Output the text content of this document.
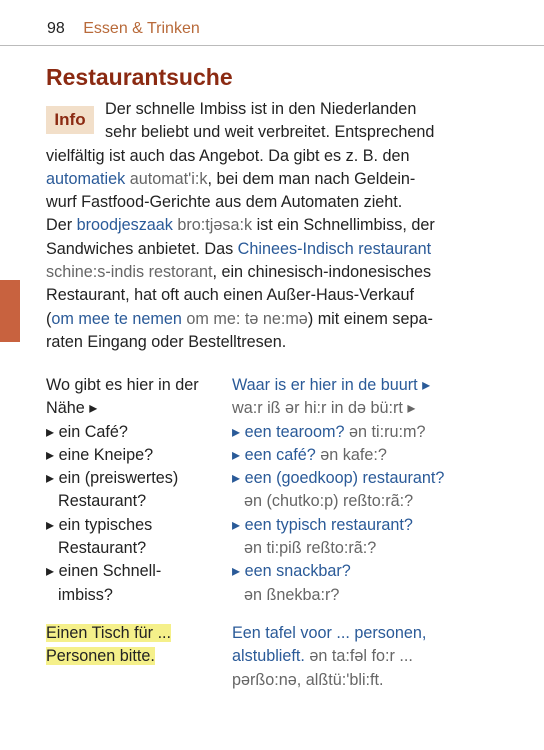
98 Essen & Trinken
Restaurantsuche
Info
Der schnelle Imbiss ist in den Niederlanden
sehr beliebt und weit verbreitet. Entsprechend
vielfältig ist auch das Angebot. Da gibt es z. B. den
automatiek automat'i:k, bei dem man nach Geldein-
wurf Fastfood-Gerichte aus dem Automaten zieht.
Der broodjeszaak bro:tjəsa:k ist ein Schnellimbiss, der
Sandwiches anbietet. Das Chinees-Indisch restaurant
schine:s-indis restorant, ein chinesisch-indonesisches
Restaurant, hat oft auch einen Außer-Haus-Verkauf
(om mee te nemen om me: tə ne:mə) mit einem sepa-
raten Eingang oder Bestelltresen.
Wo gibt es hier in der
Nähe ▸
▸ ein Café?
▸ eine Kneipe?
▸ ein (preiswertes)
Restaurant?
▸ ein typisches
Restaurant?
▸ einen Schnell-
imbiss?
Waar is er hier in de buurt ▸
wa:r iß ər hi:r in də bü:rt ▸
▸ een tearoom? ən ti:ru:m?
▸ een café? ən kafe:?
▸ een (goedkoop) restaurant?
ən (chutko:p) reßto:rã:?
▸ een typisch restaurant?
ən ti:piß reßto:rã:?
▸ een snackbar?
ən ßnekba:r?
Einen Tisch für ...
Personen bitte.
Een tafel voor ... personen,
alstublieft. ən ta:fəl fo:r ...
pərßo:nə, alßtü:'bli:ft.
